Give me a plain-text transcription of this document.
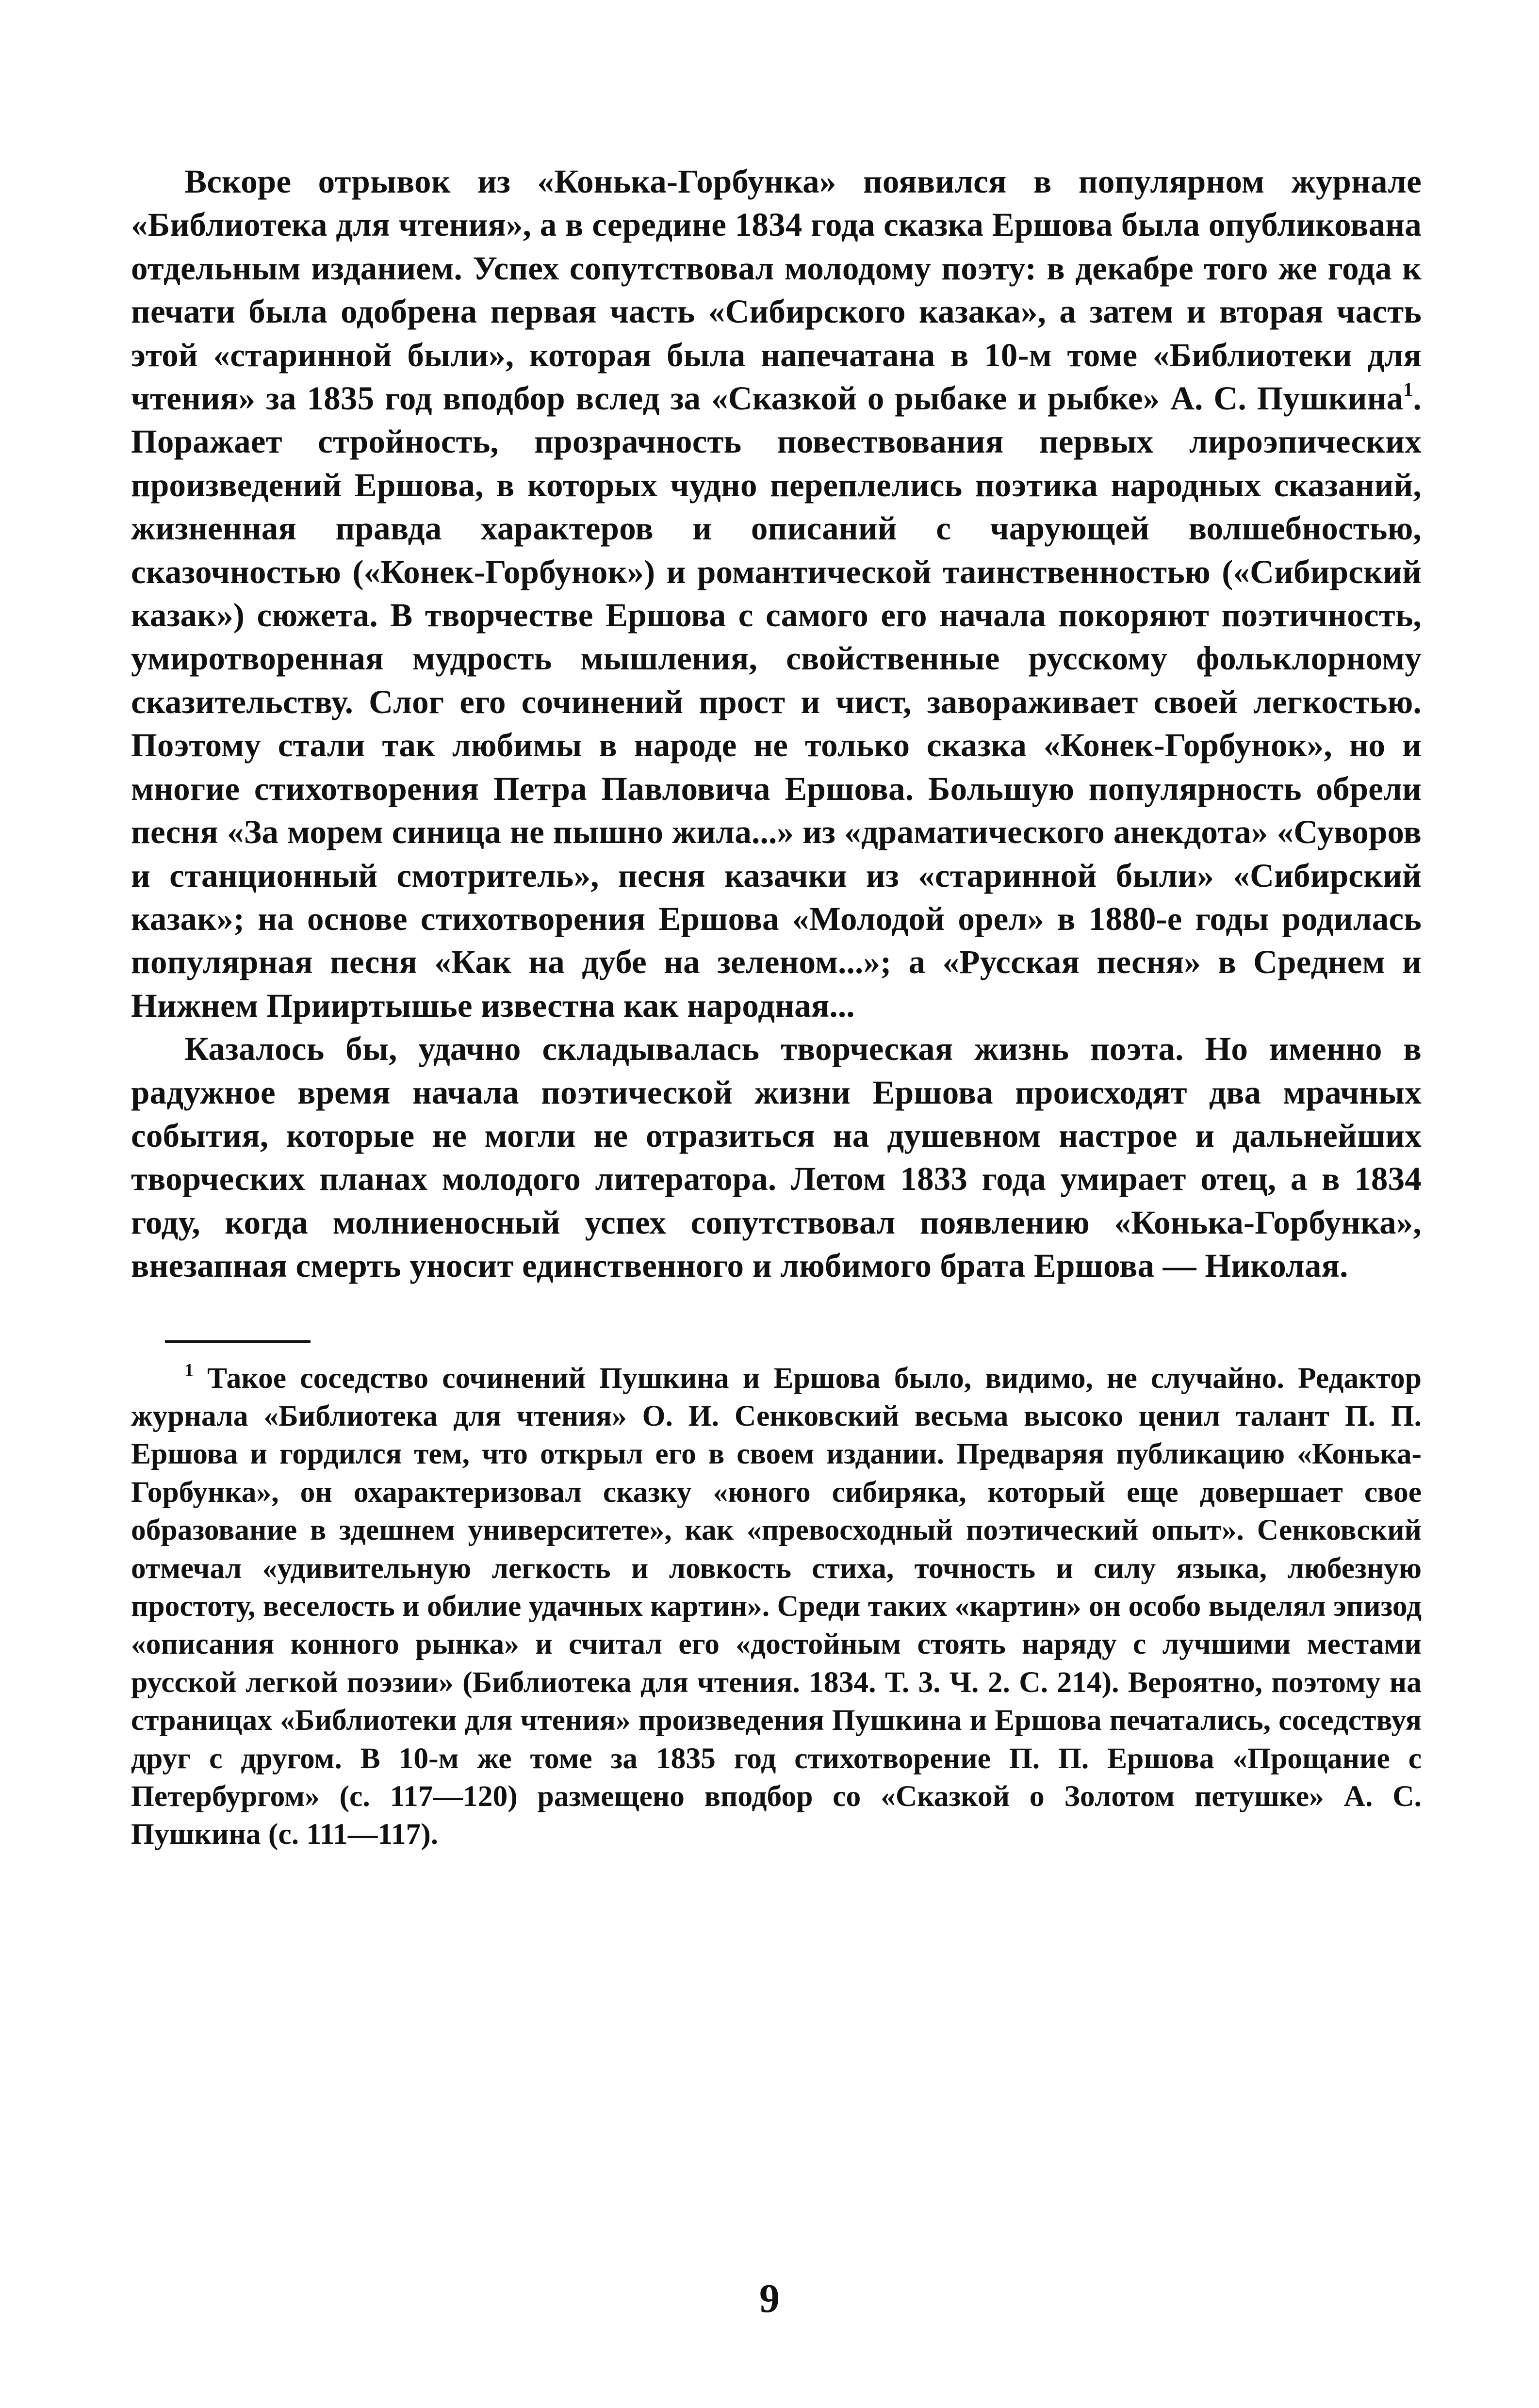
Вскоре отрывок из «Конька-Горбунка» появился в популярном журнале «Библиотека для чтения», а в середине 1834 года сказка Ершова была опубликована отдельным изданием. Успех сопутствовал молодому поэту: в декабре того же года к печати была одобрена первая часть «Сибирского казака», а затем и вторая часть этой «старинной были», которая была напечатана в 10-м томе «Библиотеки для чтения» за 1835 год вподбор вслед за «Сказкой о рыбаке и рыбке» А. С. Пушкина$^1$. Поражает стройность, прозрачность повествования первых лироэпических произведений Ершова, в которых чудно переплелись поэтика народных сказаний, жизненная правда характеров и описаний с чарующей волшебностью, сказочностью («Конек-Горбунок») и романтической таинственностью («Сибирский казак») сюжета. В творчестве Ершова с самого его начала покоряют поэтичность, умиротворенная мудрость мышления, свойственные русскому фольклорному сказительству. Слог его сочинений прост и чист, завораживает своей легкостью. Поэтому стали так любимы в народе не только сказка «Конек-Горбунок», но и многие стихотворения Петра Павловича Ершова. Большую популярность обрели песня «За морем синица не пышно жила...» из «драматического анекдота» «Суворов и станционный смотритель», песня казачки из «старинной были» «Сибирский казак»; на основе стихотворения Ершова «Молодой орел» в 1880-е годы родилась популярная песня «Как на дубе на зеленом...»; а «Русская песня» в Среднем и Нижнем Прииртышье известна как народная...

Казалось бы, удачно складывалась творческая жизнь поэта. Но именно в радужное время начала поэтической жизни Ершова происходят два мрачных события, которые не могли не отразиться на душевном настрое и дальнейших творческих планах молодого литератора. Летом 1833 года умирает отец, а в 1834 году, когда молниеносный успех сопутствовал появлению «Конька-Горбунка», внезапная смерть уносит единственного и любимого брата Ершова — Николая.

$^1$ Такое соседство сочинений Пушкина и Ершова было, видимо, не случайно. Редактор журнала «Библиотека для чтения» О. И. Сенковский весьма высоко ценил талант П. П. Ершова и гордился тем, что открыл его в своем издании. Предваряя публикацию «Конька-Горбунка», он охарактеризовал сказку «юного сибиряка, который еще довершает свое образование в здешнем университете», как «превосходный поэтический опыт». Сенковский отмечал «удивительную легкость и ловкость стиха, точность и силу языка, любезную простоту, веселость и обилие удачных картин». Среди таких «картин» он особо выделял эпизод «описания конного рынка» и считал его «достойным стоять наряду с лучшими местами русской легкой поэзии» (Библиотека для чтения. 1834. Т. 3. Ч. 2. С. 214). Вероятно, поэтому на страницах «Библиотеки для чтения» произведения Пушкина и Ершова печатались, соседствуя друг с другом. В 10-м же томе за 1835 год стихотворение П. П. Ершова «Прощание с Петербургом» (с. 117—120) размещено вподбор со «Сказкой о Золотом петушке» А. С. Пушкина (с. 111—117).
9
